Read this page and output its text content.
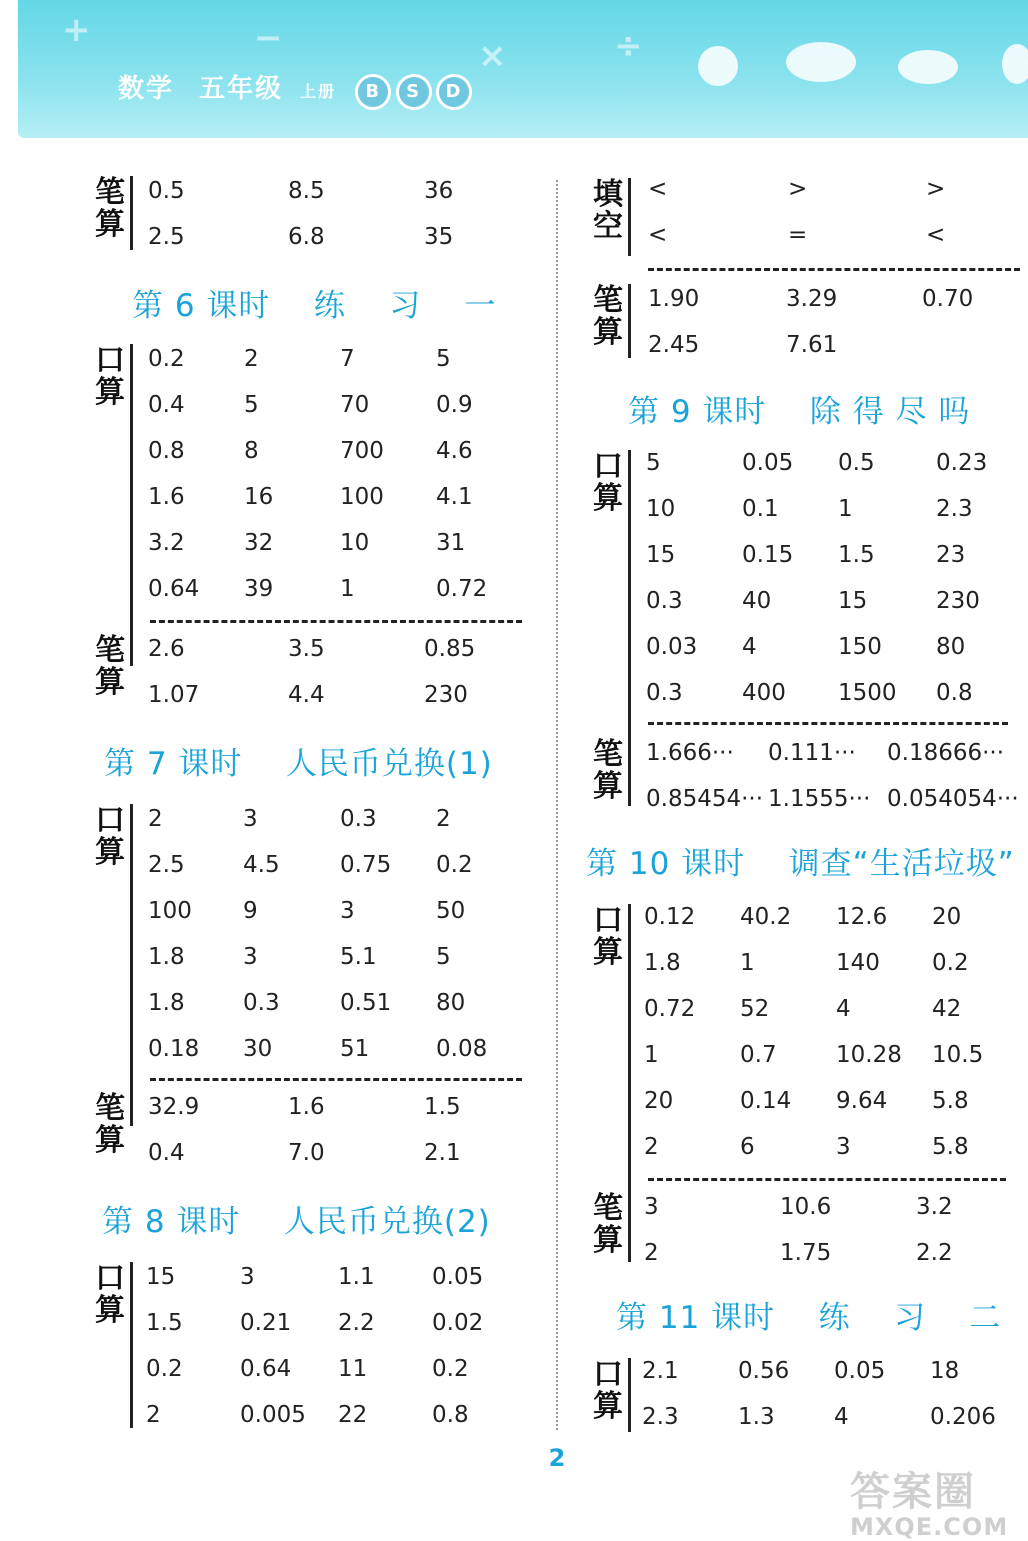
+	−	×	÷
数学 五年级 上册 B S D
笔
算
0.5	8.5	36
2.5	6.8	35
第 6 课时    练    习    一
口
算
0.2	2	7	5
0.4	5	70	0.9
0.8	8	700 4.6
1.6	16	100 4.1
3.2	32	10	31
0.64 39	1	0.72
笔
算
2.6	3.5	0.85
1.07	4.4	230
第 7 课时    人民币兑换(1)
口
算
2	3	0.3	2
2.5	4.5	0.75 0.2
100 9	3	50
1.8	3	5.1	5
1.8	0.3	0.51 80
0.18 30	51	0.08
笔
算
32.9	1.6	1.5
0.4	7.0	2.1
第 8 课时    人民币兑换(2)
口
算
15	3	1.1 0.05
1.5 0.21 2.2 0.02
0.2 0.64 11	0.2
2	0.005 22	0.8
填
空
<	>	>
<	=	<
笔
算
1.90	3.29	0.70
2.45	7.61
第 9 课时    除 得 尽 吗
口
算
5	0.05 0.5	0.23
10	0.1	1	2.3
15	0.15 1.5	23
0.3	40	15	230
0.03 4	150 80
0.3	400 1500 0.8
笔
算
1.666··· 0.111··· 0.18666···
0.85454··· 1.1555··· 0.054054···
第 10 课时    调查“生活垃圾”
口
算
0.12 40.2 12.6 20
1.8	1	140 0.2
0.72 52	4	42
1	0.7	10.28 10.5
20	0.14 9.64 5.8
2	6	3	5.8
笔
算
3	10.6	3.2
2	1.75	2.2
第 11 课时    练    习    二
口
算
2.1	0.56 0.05 18
2.3	1.3	4	0.206
2
答案圈
MXQE.COM
